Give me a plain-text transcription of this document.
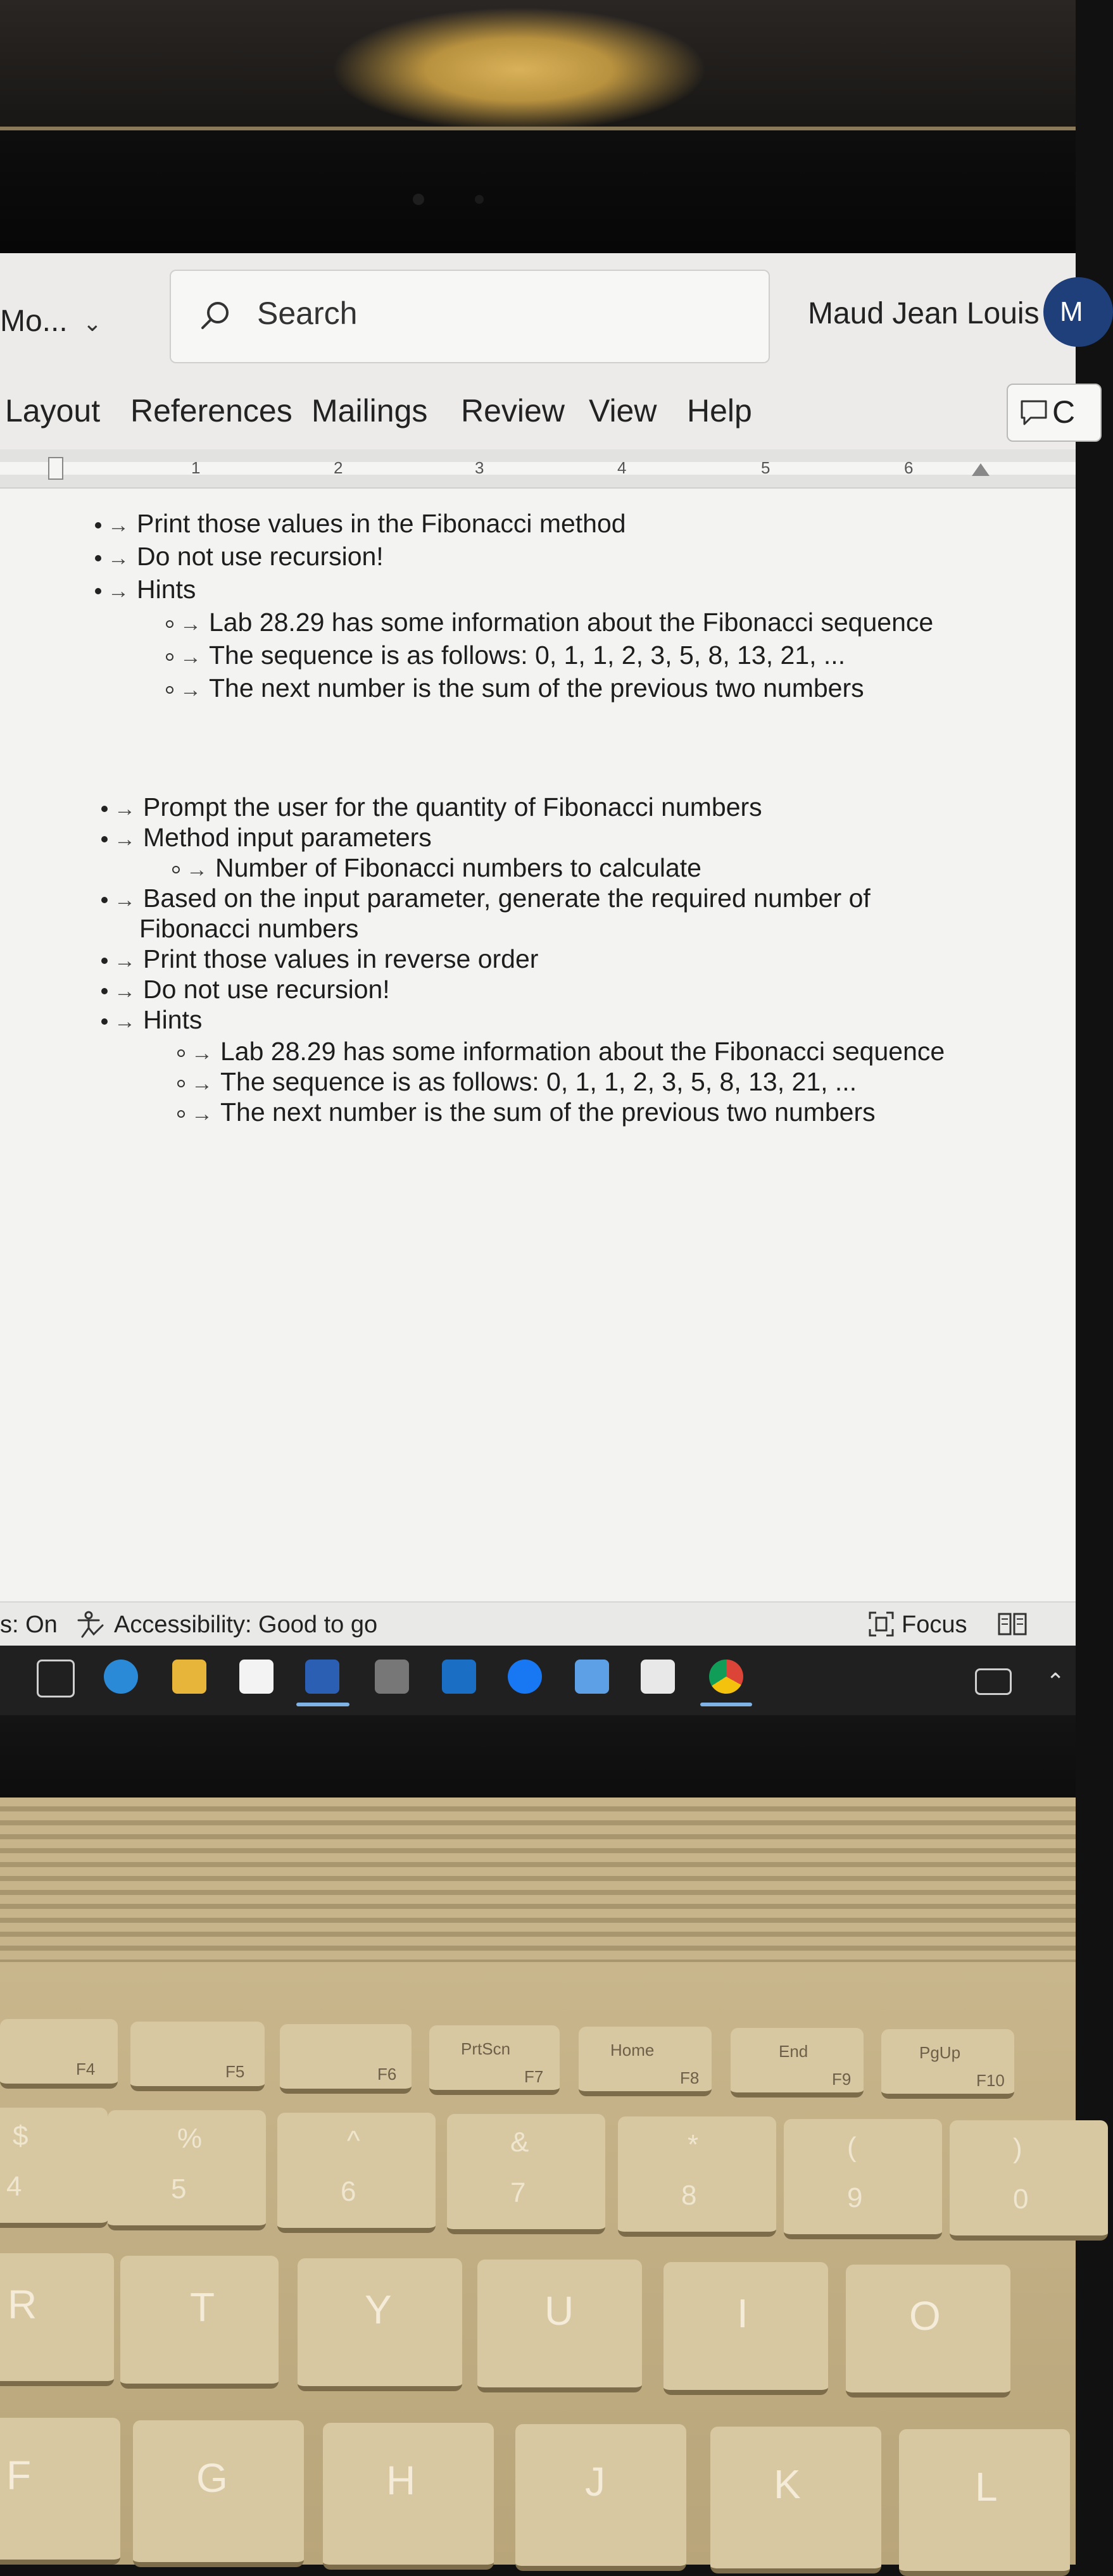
Mo... ⌄	Search	Maud Jean Louis M
Layout References Mailings Review View Help	C
1	2	3	4	5	6
→ Print those values in the Fibonacci method
→ Do not use recursion!
→ Hints
→ Lab 28.29 has some information about the Fibonacci sequence
→ The sequence is as follows: 0, 1, 1, 2, 3, 5, 8, 13, 21, ...
→ The next number is the sum of the previous two numbers
→ Prompt the user for the quantity of Fibonacci numbers
→ Method input parameters
→ Number of Fibonacci numbers to calculate
→ Based on the input parameter, generate the required number of
Fibonacci numbers
→ Print those values in reverse order
→ Do not use recursion!
→ Hints
→ Lab 28.29 has some information about the Fibonacci sequence
→ The sequence is as follows: 0, 1, 1, 2, 3, 5, 8, 13, 21, ...
→ The next number is the sum of the previous two numbers
s: On Accessibility: Good to go	Focus
⌃
F4	F5	F6
PrtScn
F7
Home
F8
End
F9
PgUp
F10
$
4
%
5
^
6
&
7
*
8
(
9
)
0
R	T	Y	U	I	O
F	G	H	J	K	L
